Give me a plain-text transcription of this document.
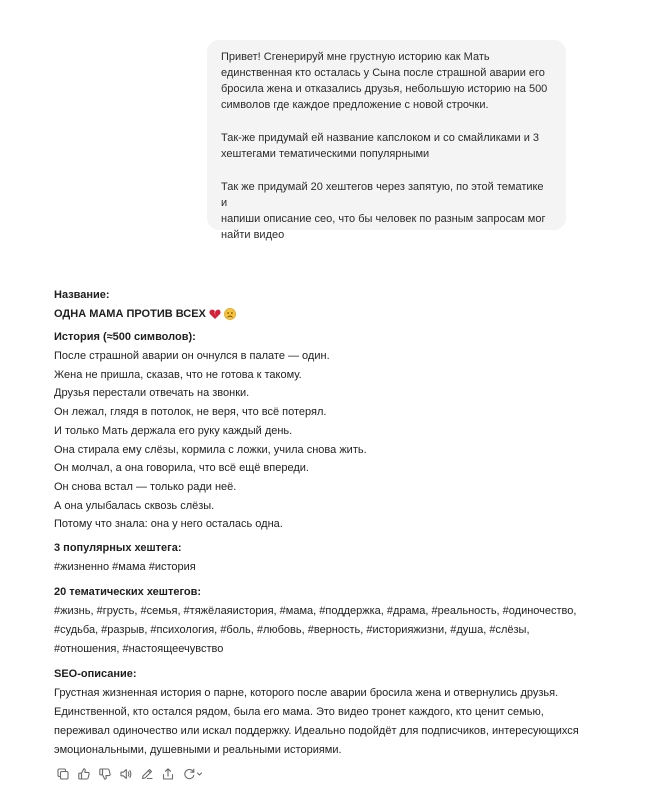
Привет! Сгенерируй мне грустную историю как Мать
единственная кто осталась у Сына после страшной аварии его
бросила жена и отказались друзья, небольшую историю на 500
символов где каждое предложение с новой строчки.

Так-же придумай ей название капслоком и со смайликами и 3
хештегами тематическими популярными

Так же придумай 20 хештегов через запятую, по этой тематике и
напиши описание сео, что бы человек по разным запросам мог
найти видео

Название:

ОДНА МАМА ПРОТИВ ВСЕХ

История (≈500 символов):

После страшной аварии он очнулся в палате — один.

Жена не пришла, сказав, что не готова к такому.

Друзья перестали отвечать на звонки.

Он лежал, глядя в потолок, не веря, что всё потерял.

И только Мать держала его руку каждый день.

Она стирала ему слёзы, кормила с ложки, учила снова жить.

Он молчал, а она говорила, что всё ещё впереди.

Он снова встал — только ради неё.

А она улыбалась сквозь слёзы.

Потому что знала: она у него осталась одна.

3 популярных хештега:

#жизненно #мама #история

20 тематических хештегов:

#жизнь, #грусть, #семья, #тяжёлаяистория, #мама, #поддержка, #драма, #реальность, #одиночество,

#судьба, #разрыв, #психология, #боль, #любовь, #верность, #историяжизни, #душа, #слёзы,

#отношения, #настоящеечувство

SEO-описание:

Грустная жизненная история о парне, которого после аварии бросила жена и отвернулись друзья.

Единственной, кто остался рядом, была его мама. Это видео тронет каждого, кто ценит семью,

переживал одиночество или искал поддержку. Идеально подойдёт для подписчиков, интересующихся

эмоциональными, душевными и реальными историями.
